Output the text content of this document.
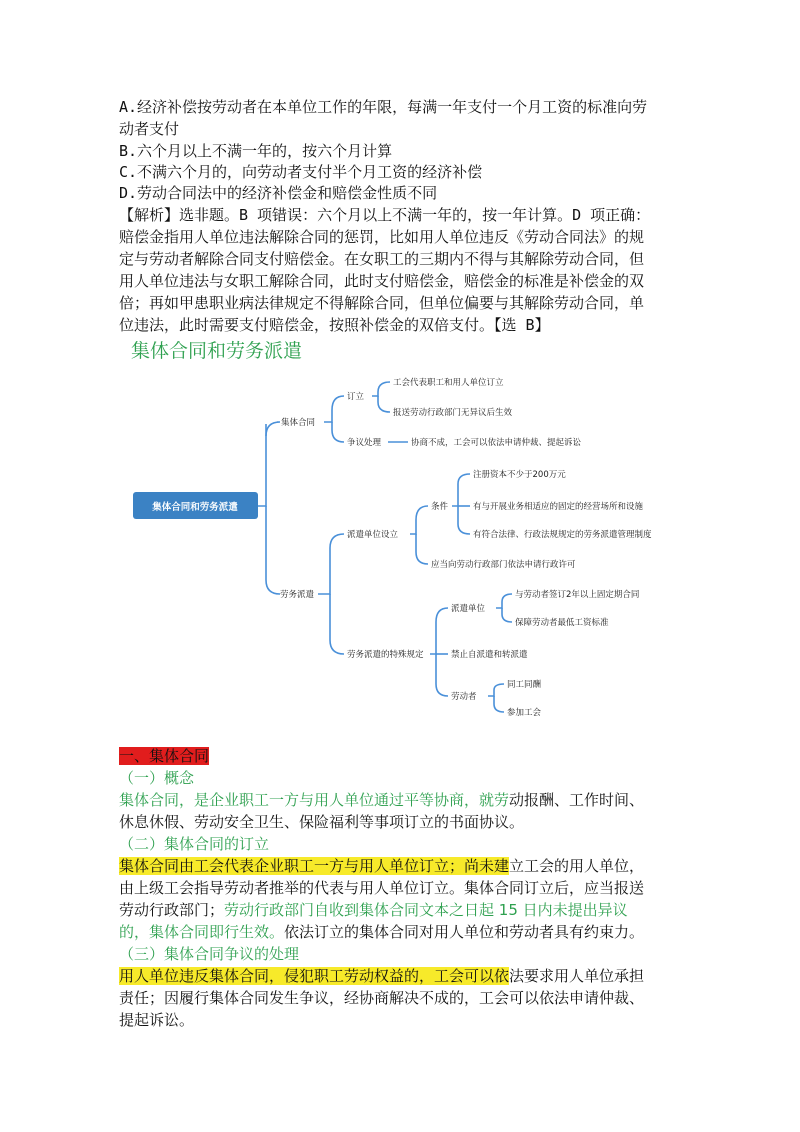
A.经济补偿按劳动者在本单位工作的年限，每满一年支付一个月工资的标准向劳
动者支付
B.六个月以上不满一年的，按六个月计算
C.不满六个月的，向劳动者支付半个月工资的经济补偿
D.劳动合同法中的经济补偿金和赔偿金性质不同
【解析】选非题。B 项错误：六个月以上不满一年的，按一年计算。D 项正确：
赔偿金指用人单位违法解除合同的惩罚，比如用人单位违反《劳动合同法》的规
定与劳动者解除合同支付赔偿金。在女职工的三期内不得与其解除劳动合同，但
用人单位违法与女职工解除合同，此时支付赔偿金，赔偿金的标准是补偿金的双
倍；再如甲患职业病法律规定不得解除合同，但单位偏要与其解除劳动合同，单
位违法，此时需要支付赔偿金，按照补偿金的双倍支付。【选 B】
集体合同和劳务派遣
集体合同和劳务派遣
集体合同
订立
工会代表职工和用人单位订立
报送劳动行政部门无异议后生效
争议处理	协商不成，工会可以依法申请仲裁、提起诉讼
劳务派遣
派遣单位设立
条件
注册资本不少于200万元
有与开展业务相适应的固定的经营场所和设施
有符合法律、行政法规规定的劳务派遣管理制度
应当向劳动行政部门依法申请行政许可
劳务派遣的特殊规定
派遣单位
与劳动者签订2年以上固定期合同
保障劳动者最低工资标准
禁止自派遣和转派遣
劳动者
同工同酬
参加工会
一、集体合同
（一）概念
集体合同，是企业职工一方与用人单位通过平等协商，就劳动报酬、工作时间、
休息休假、劳动安全卫生、保险福利等事项订立的书面协议。
（二）集体合同的订立
集体合同由工会代表企业职工一方与用人单位订立；尚未建立工会的用人单位，
由上级工会指导劳动者推举的代表与用人单位订立。集体合同订立后，应当报送
劳动行政部门；劳动行政部门自收到集体合同文本之日起 15 日内未提出异议
的，集体合同即行生效。依法订立的集体合同对用人单位和劳动者具有约束力。
（三）集体合同争议的处理
用人单位违反集体合同，侵犯职工劳动权益的，工会可以依法要求用人单位承担
责任；因履行集体合同发生争议，经协商解决不成的，工会可以依法申请仲裁、
提起诉讼。
